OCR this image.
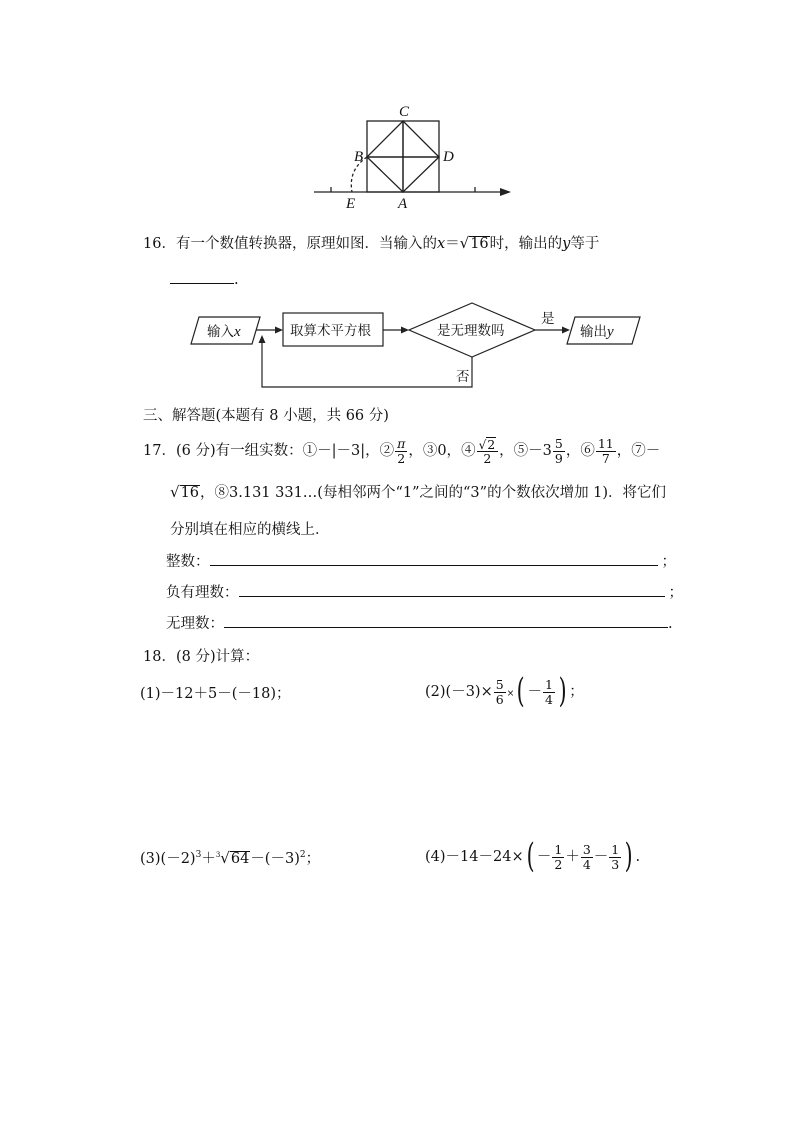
C
B	D
E	A
16．有一个数值转换器，原理如图．当输入的x＝√16时，输出的y等于
.
输入x	取算术平方根	是无理数吗
是
否
输出y
三、解答题(本题有 8 小题，共 66 分)
17．(6 分)有一组实数：①－|－3|，② $\frac{\pi}{2}$ ，③0，④ $\frac{√2}{2}$ ，⑤－3 $\frac{5}{9}$ ，⑥ $\frac{11}{7}$ ，⑦－
√16，⑧3.131 331…(每相邻两个“1”之间的“3”的个数依次增加 1)．将它们
分别填在相应的横线上．
整数：	；
负有理数：	；
无理数：	.
18．(8 分)计算：
(1)－12＋5－(－18)；	$(2)(-3)\times \frac{5}{6}$ ×( － $\frac{1}{4}$ ) ；
$(3)(-2)^3+^3√64-(-3)^2$；	$(4)-14-24\times( - \frac{1}{2} + \frac{3}{4} - \frac{1}{3}$ ) .
